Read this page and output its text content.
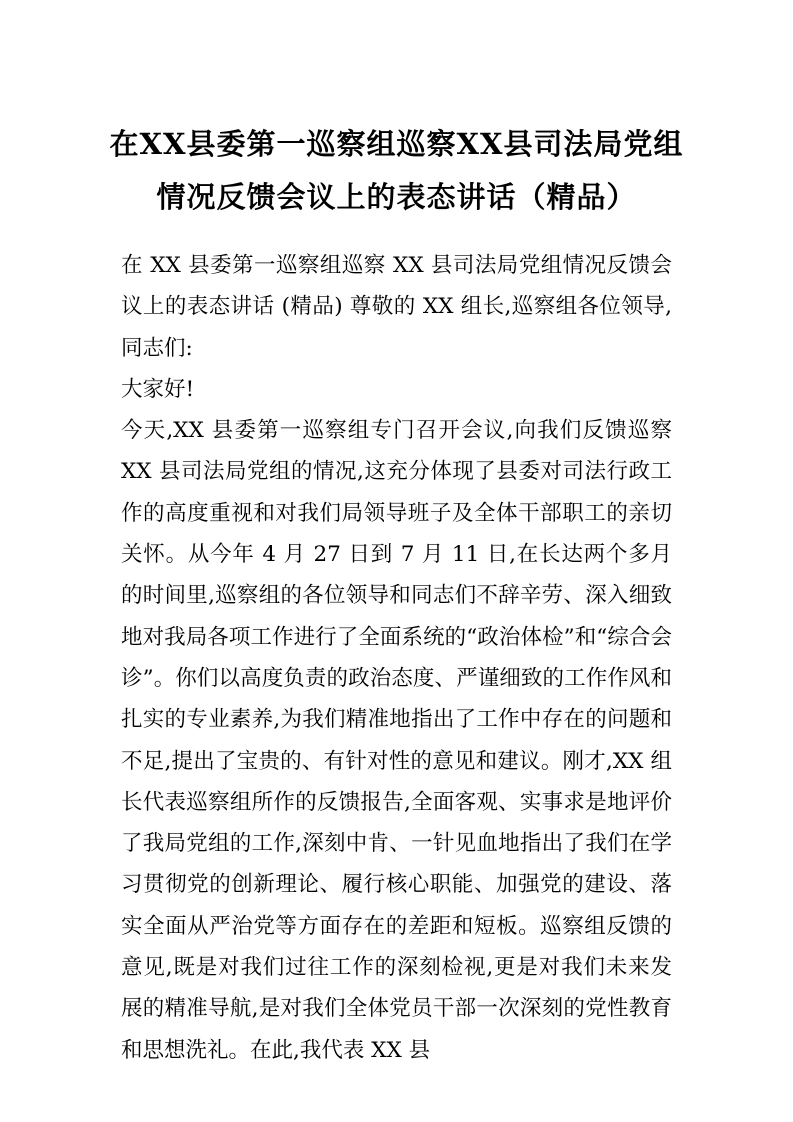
在XX县委第一巡察组巡察XX县司法局党组情况反馈会议上的表态讲话（精品）

在 XX 县委第一巡察组巡察 XX 县司法局党组情况反馈会议上的表态讲话 (精品) 尊敬的 XX 组长,巡察组各位领导,同志们:

大家好!

今天,XX 县委第一巡察组专门召开会议,向我们反馈巡察 XX 县司法局党组的情况,这充分体现了县委对司法行政工作的高度重视和对我们局领导班子及全体干部职工的亲切关怀。从今年 4 月 27 日到 7 月 11 日,在长达两个多月的时间里,巡察组的各位领导和同志们不辞辛劳、深入细致地对我局各项工作进行了全面系统的“政治体检”和“综合会诊”。你们以高度负责的政治态度、严谨细致的工作作风和扎实的专业素养,为我们精准地指出了工作中存在的问题和不足,提出了宝贵的、有针对性的意见和建议。刚才,XX 组长代表巡察组所作的反馈报告,全面客观、实事求是地评价了我局党组的工作,深刻中肯、一针见血地指出了我们在学习贯彻党的创新理论、履行核心职能、加强党的建设、落实全面从严治党等方面存在的差距和短板。巡察组反馈的意见,既是对我们过往工作的深刻检视,更是对我们未来发展的精准导航,是对我们全体党员干部一次深刻的党性教育和思想洗礼。在此,我代表 XX 县
